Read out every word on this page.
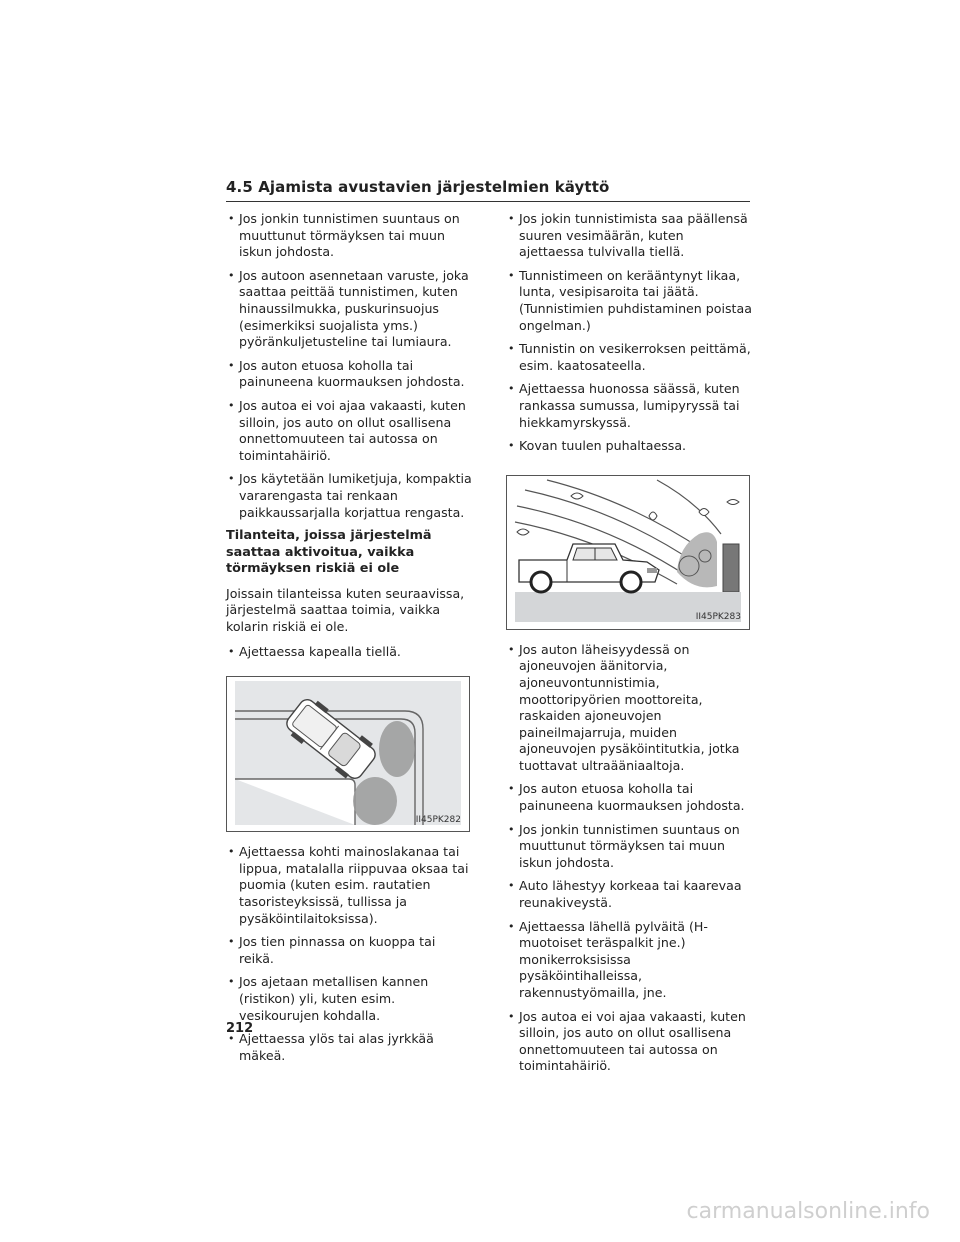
4.5 Ajamista avustavien järjestelmien käyttö
• Jos jonkin tunnistimen suuntaus on muuttunut törmäyksen tai muun iskun johdosta.
• Jos autoon asennetaan varuste, joka saattaa peittää tunnistimen, kuten hinaussilmukka, puskurinsuojus (esimerkiksi suojalista yms.) pyöränkuljetusteline tai lumiaura.
• Jos auton etuosa koholla tai painuneena kuormauksen johdosta.
• Jos autoa ei voi ajaa vakaasti, kuten silloin, jos auto on ollut osallisena onnettomuuteen tai autossa on toimintahäiriö.
• Jos käytetään lumiketjuja, kompaktia vararengasta tai renkaan paikkaussarjalla korjattua rengasta.
Tilanteita, joissa järjestelmä saattaa aktivoitua, vaikka törmäyksen riskiä ei ole
Joissain tilanteissa kuten seuraavissa, järjestelmä saattaa toimia, vaikka kolarin riskiä ei ole.
• Ajettaessa kapealla tiellä.
II45PK282
• Ajettaessa kohti mainoslakanaa tai lippua, matalalla riippuvaa oksaa tai puomia (kuten esim. rautatien tasoristeyksissä, tullissa ja pysäköintilaitoksissa).
• Jos tien pinnassa on kuoppa tai reikä.
• Jos ajetaan metallisen kannen (ristikon) yli, kuten esim. vesikourujen kohdalla.
• Ajettaessa ylös tai alas jyrkkää mäkeä.
• Jos jokin tunnistimista saa päällensä suuren vesimäärän, kuten ajettaessa tulvivalla tiellä.
• Tunnistimeen on kerääntynyt likaa, lunta, vesipisaroita tai jäätä. (Tunnistimien puhdistaminen poistaa ongelman.)
• Tunnistin on vesikerroksen peittämä, esim. kaatosateella.
• Ajettaessa huonossa säässä, kuten rankassa sumussa, lumipyryssä tai hiekkamyrskyssä.
• Kovan tuulen puhaltaessa.
II45PK283
• Jos auton läheisyydessä on ajoneuvojen äänitorvia, ajoneuvontunnistimia, moottoripyörien moottoreita, raskaiden ajoneuvojen paineilmajarruja, muiden ajoneuvojen pysäköintitutkia, jotka tuottavat ultraääniaaltoja.
• Jos auton etuosa koholla tai painuneena kuormauksen johdosta.
• Jos jonkin tunnistimen suuntaus on muuttunut törmäyksen tai muun iskun johdosta.
• Auto lähestyy korkeaa tai kaarevaa reunakiveystä.
• Ajettaessa lähellä pylväitä (H-muotoiset teräspalkit jne.) monikerroksisissa pysäköintihalleissa, rakennustyömailla, jne.
• Jos autoa ei voi ajaa vakaasti, kuten silloin, jos auto on ollut osallisena onnettomuuteen tai autossa on toimintahäiriö.
212
carmanualsonline.info
